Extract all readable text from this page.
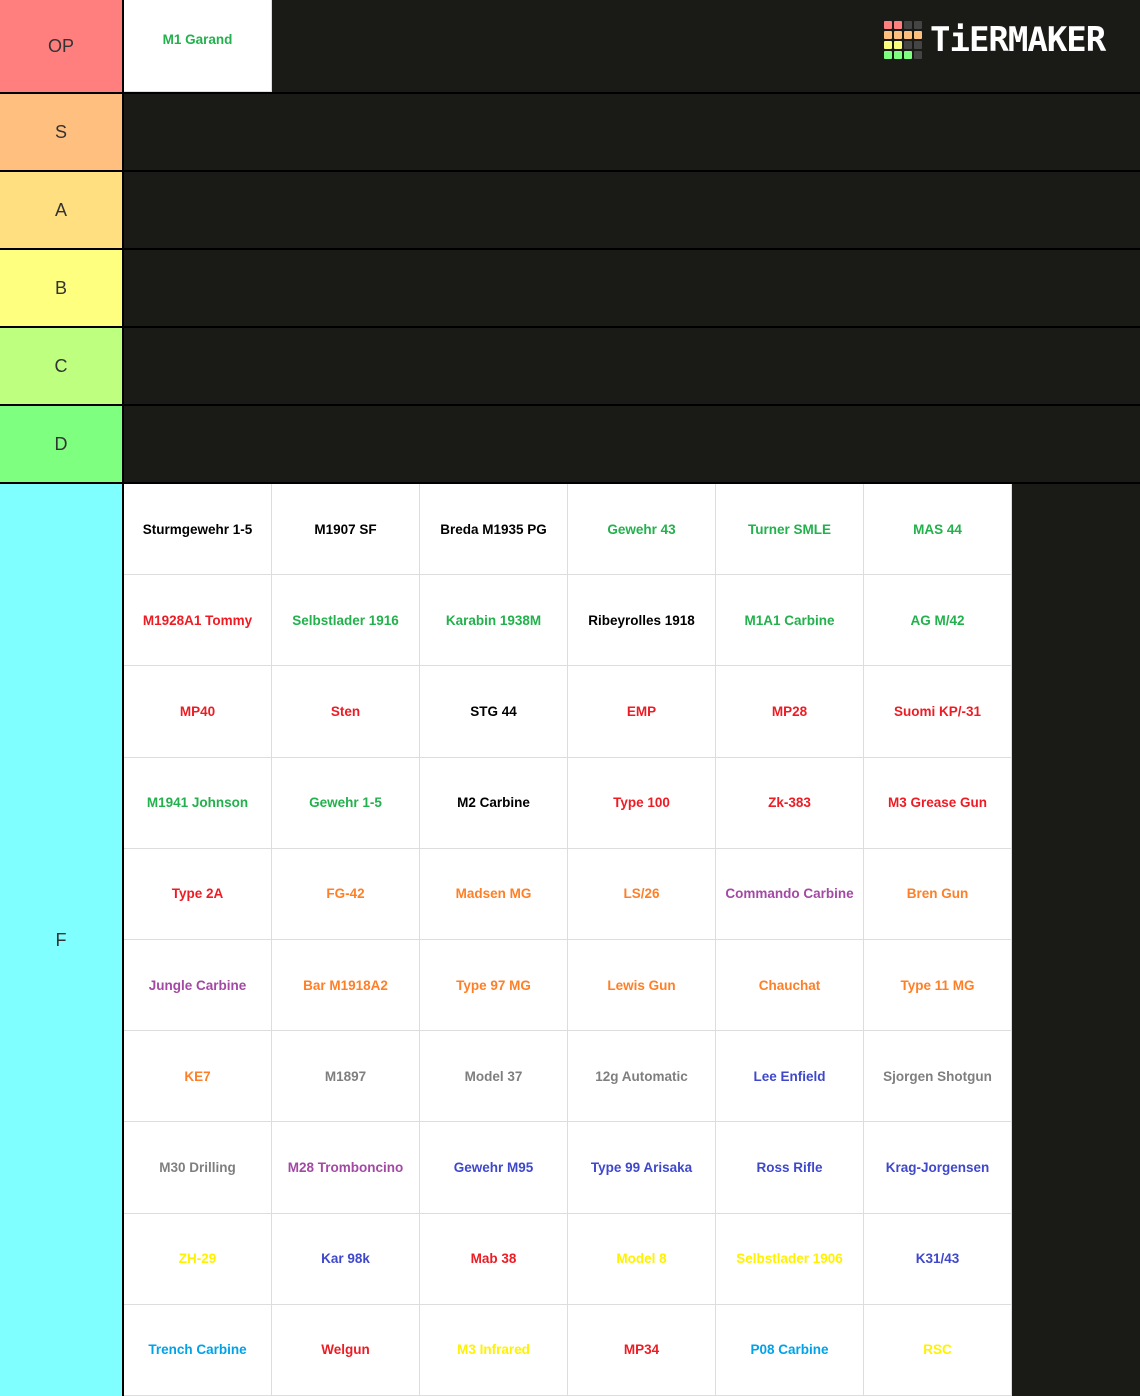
OP	M1 Garand
S
A
B
C
D
F
Sturmgewehr 1-5	M1907 SF	Breda M1935 PG	Gewehr 43	Turner SMLE	MAS 44
M1928A1 Tommy	Selbstlader 1916	Karabin 1938M	Ribeyrolles 1918	M1A1 Carbine	AG M/42
MP40	Sten	STG 44	EMP	MP28	Suomi KP/-31
M1941 Johnson	Gewehr 1-5	M2 Carbine	Type 100	Zk-383	M3 Grease Gun
Type 2A	FG-42	Madsen MG	LS/26	Commando Carbine	Bren Gun
Jungle Carbine	Bar M1918A2	Type 97 MG	Lewis Gun	Chauchat	Type 11 MG
KE7	M1897	Model 37	12g Automatic	Lee Enfield	Sjorgen Shotgun
M30 Drilling	M28 Tromboncino	Gewehr M95	Type 99 Arisaka	Ross Rifle	Krag-Jorgensen
ZH-29	Kar 98k	Mab 38	Model 8	Selbstlader 1906	K31/43
Trench Carbine	Welgun	M3 Infrared	MP34	P08 Carbine	RSC
TiERMAKER
